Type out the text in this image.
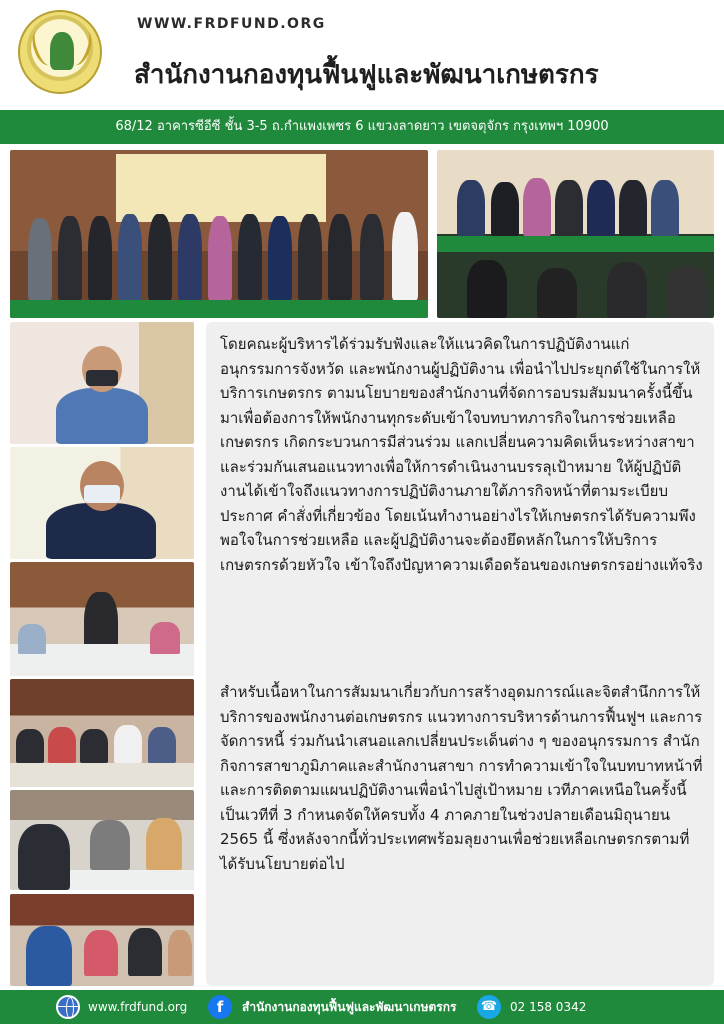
WWW.FRDFUND.ORG
สำนักงานกองทุนฟื้นฟูและพัฒนาเกษตรกร
68/12 อาคารซีอีซี ชั้น 3-5 ถ.กำแพงเพชร 6 แขวงลาดยาว เขตจตุจักร กรุงเทพฯ 10900

โดยคณะผู้บริหารได้ร่วมรับฟังและให้แนวคิดในการปฏิบัติงานแก่อนุกรรมการจังหวัด และพนักงานผู้ปฏิบัติงาน เพื่อนำไปประยุกต์ใช้ในการให้บริการเกษตรกร ตามนโยบายของสำนักงานที่จัดการอบรมสัมมนาครั้งนี้ขึ้นมาเพื่อต้องการให้พนักงานทุกระดับเข้าใจบทบาทภารกิจในการช่วยเหลือเกษตรกร เกิดกระบวนการมีส่วนร่วม แลกเปลี่ยนความคิดเห็นระหว่างสาขา และร่วมกันเสนอแนวทางเพื่อให้การดำเนินงานบรรลุเป้าหมาย ให้ผู้ปฏิบัติงานได้เข้าใจถึงแนวทางการปฏิบัติงานภายใต้ภารกิจหน้าที่ตามระเบียบประกาศ คำสั่งที่เกี่ยวข้อง โดยเน้นทำงานอย่างไรให้เกษตรกรได้รับความพึงพอใจในการช่วยเหลือ และผู้ปฏิบัติงานจะต้องยึดหลักในการให้บริการเกษตรกรด้วยหัวใจ เข้าใจถึงปัญหาความเดือดร้อนของเกษตรกรอย่างแท้จริง

สำหรับเนื้อหาในการสัมมนาเกี่ยวกับการสร้างอุดมการณ์และจิตสำนึกการให้บริการของพนักงานต่อเกษตรกร แนวทางการบริหารด้านการฟื้นฟูฯ และการจัดการหนี้ ร่วมกันนำเสนอแลกเปลี่ยนประเด็นต่าง ๆ ของอนุกรรมการ สำนักกิจการสาขาภูมิภาคและสำนักงานสาขา การทำความเข้าใจในบทบาทหน้าที่ และการติดตามแผนปฏิบัติงานเพื่อนำไปสู่เป้าหมาย เวทีภาคเหนือในครั้งนี้เป็นเวทีที่ 3 กำหนดจัดให้ครบทั้ง 4 ภาคภายในช่วงปลายเดือนมิถุนายน 2565 นี้ ซึ่งหลังจากนี้ทั่วประเทศพร้อมลุยงานเพื่อช่วยเหลือเกษตรกรตามที่ได้รับนโยบายต่อไป

www.frdfund.org	f	สำนักงานกองทุนฟื้นฟูและพัฒนาเกษตรกร ☎	02 158 0342
